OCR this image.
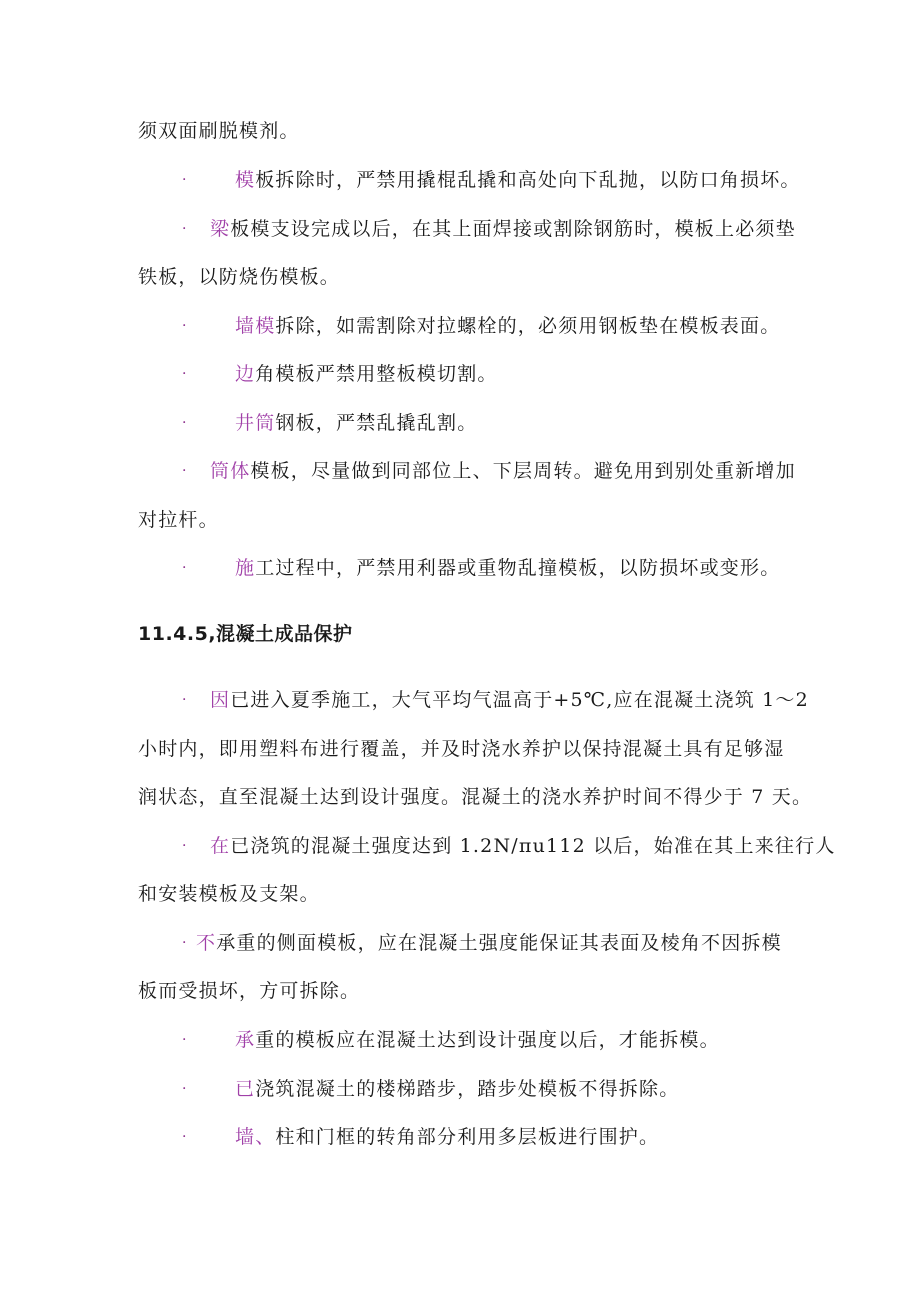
须双面刷脱模剂。
·	模板拆除时，严禁用撬棍乱撬和高处向下乱抛，以防口角损坏。
· 梁板模支设完成以后，在其上面焊接或割除钢筋时，模板上必须垫
铁板，以防烧伤模板。
·	墙模拆除，如需割除对拉螺栓的，必须用钢板垫在模板表面。
·	边角模板严禁用整板模切割。
·	井筒钢板，严禁乱撬乱割。
· 筒体模板，尽量做到同部位上、下层周转。避免用到别处重新增加
对拉杆。
·	施工过程中，严禁用利器或重物乱撞模板，以防损坏或变形。
11.4.5,混凝土成品保护
· 因已进入夏季施工，大气平均气温高于+5℃,应在混凝土浇筑 1～2
小时内，即用塑料布进行覆盖，并及时浇水养护以保持混凝土具有足够湿
润状态，直至混凝土达到设计强度。混凝土的浇水养护时间不得少于 7 天。
· 在已浇筑的混凝土强度达到 1.2N∕πu112 以后，始准在其上来往行人
和安装模板及支架。
· 不承重的侧面模板，应在混凝土强度能保证其表面及棱角不因拆模
板而受损坏，方可拆除。
·	承重的模板应在混凝土达到设计强度以后，才能拆模。
·	已浇筑混凝土的楼梯踏步，踏步处模板不得拆除。
·	墙、柱和门框的转角部分利用多层板进行围护。
